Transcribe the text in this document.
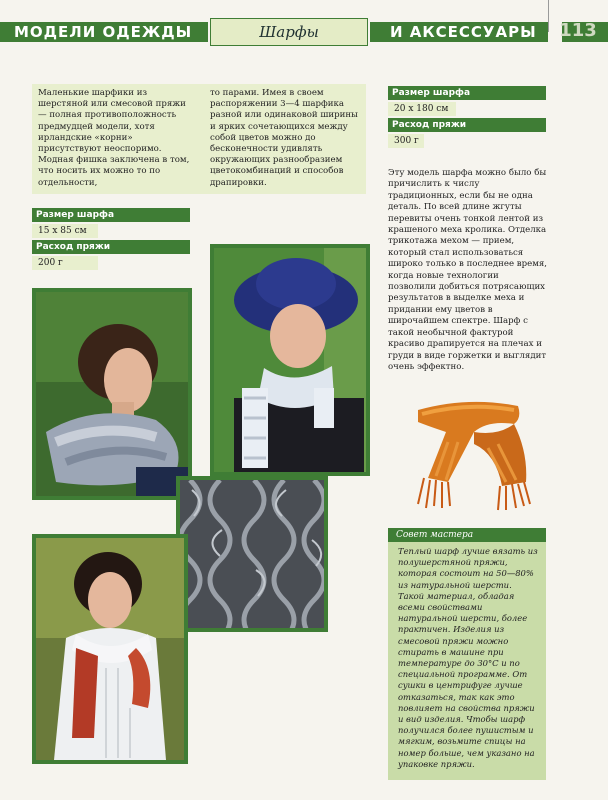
МОДЕЛИ ОДЕЖДЫ	Шарфы	И АКСЕССУАРЫ	113
Маленькие шарфики из шерстяной или смесовой пряжи — полная противоположность предмудцей модели, хотя ирландские «корни» присутствуют неоспоримо. Модная фишка заключена в том, что носить их можно то по отдельности,
то парами. Имея в своем распоряжении 3—4 шарфика разной или одинаковой ширины и ярких сочетающихся между собой цветов можно до бесконечности удивлять окружающих разнообразием цветокомбинаций и способов драпировки.
Размер шарфа
15 х 85 см
Расход пряжи
200 г
Размер шарфа
20 х 180 см
Расход пряжи
300 г
Эту модель шарфа можно было бы причислить к числу традиционных, если бы не одна деталь. По всей длине жгуты перевиты очень тонкой лентой из крашеного меха кролика. Отделка трикотажа мехом — прием, который стал использоваться широко только в последнее время, когда новые технологии позволили добиться потрясающих результатов в выделке меха и придании ему цветов в широчайшем спектре. Шарф с такой необычной фактурой красиво драпируется на плечах и груди в виде горжетки и выглядит очень эффектно.
Совет мастера
Теплый шарф лучше вязать из полушерстяной пряжи, которая состоит на 50—80% из натуральной шерсти. Такой материал, обладая всеми свойствами натуральной шерсти, более практичен. Изделия из смесовой пряжи можно стирать в машине при температуре до 30°С и по специальной программе. От сушки в центрифуге лучше отказаться, так как это повлияет на свойства пряжи и вид изделия. Чтобы шарф получился более пушистым и мягким, возьмите спицы на номер больше, чем указано на упаковке пряжи.
